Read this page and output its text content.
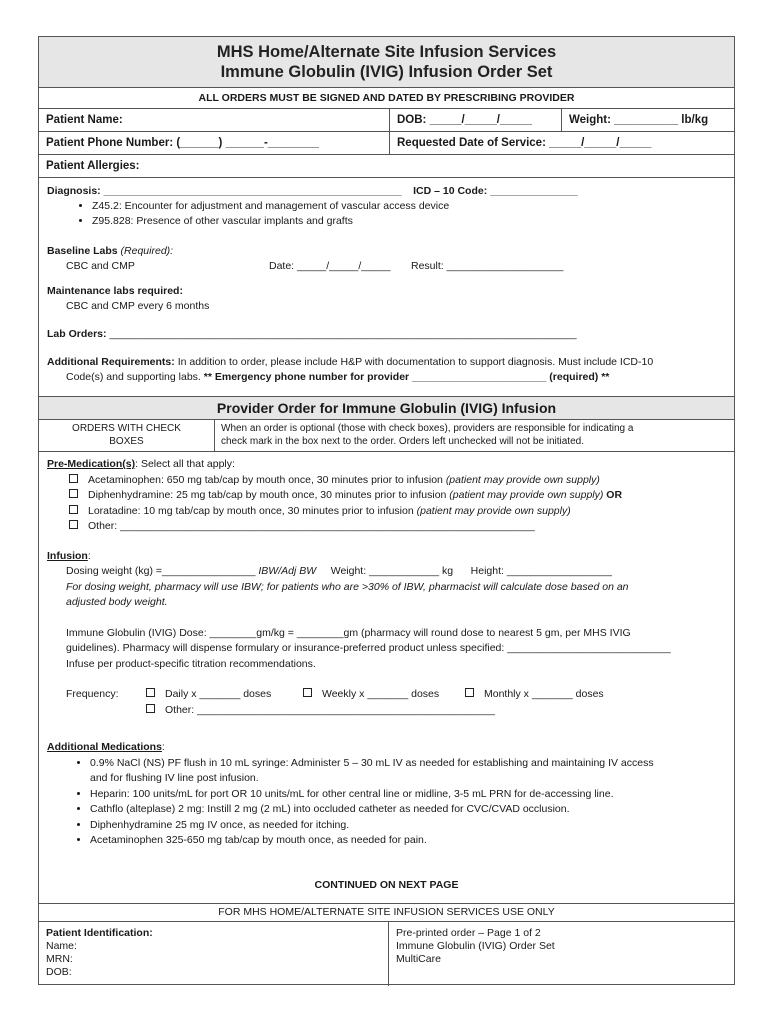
MHS Home/Alternate Site Infusion Services
Immune Globulin (IVIG) Infusion Order Set
ALL ORDERS MUST BE SIGNED AND DATED BY PRESCRIBING PROVIDER
Patient Name:	DOB: _____/_____/_____	Weight: __________ lb/kg
Patient Phone Number: (______) ______-________	Requested Date of Service: _____/_____/_____
Patient Allergies:

Diagnosis: ___________________________________________________ ICD – 10 Code: _______________

• Z45.2: Encounter for adjustment and management of vascular access device
• Z95.828: Presence of other vascular implants and grafts

Baseline Labs (Required):

CBC and CMP	Date: _____/_____/_____	Result: ____________________

Maintenance labs required:

CBC and CMP every 6 months

Lab Orders: ________________________________________________________________________________

Additional Requirements: In addition to order, please include H&P with documentation to support diagnosis. Must include ICD-10

Code(s) and supporting labs. ** Emergency phone number for provider _______________________ (required) **

Provider Order for Immune Globulin (IVIG) Infusion
ORDERS WITH CHECK
BOXES
When an order is optional (those with check boxes), providers are responsible for indicating a
check mark in the box next to the order. Orders left unchecked will not be initiated.

Pre-Medication(s): Select all that apply:

Acetaminophen: 650 mg tab/cap by mouth once, 30 minutes prior to infusion (patient may provide own supply)

Diphenhydramine: 25 mg tab/cap by mouth once, 30 minutes prior to infusion (patient may provide own supply) OR

Loratadine: 10 mg tab/cap by mouth once, 30 minutes prior to infusion (patient may provide own supply)

Other: _______________________________________________________________________

Infusion:

Dosing weight (kg) =________________ IBW/Adj BW Weight: ____________ kg Height: __________________

For dosing weight, pharmacy will use IBW; for patients who are >30% of IBW, pharmacist will calculate dose based on an

adjusted body weight.

Immune Globulin (IVIG) Dose: ________gm/kg = ________gm (pharmacy will round dose to nearest 5 gm, per MHS IVIG

guidelines). Pharmacy will dispense formulary or insurance-preferred product unless specified: ____________________________

Infuse per product-specific titration recommendations.

Frequency:	Daily x _______ doses	Weekly x _______ doses	Monthly x _______ doses
Other: ___________________________________________________

Additional Medications:

• 0.9% NaCl (NS) PF flush in 10 mL syringe: Administer 5 – 30 mL IV as needed for establishing and maintaining IV access
and for flushing IV line post infusion.
• Heparin: 100 units/mL for port OR 10 units/mL for other central line or midline, 3-5 mL PRN for de-accessing line.
• Cathflo (alteplase) 2 mg: Instill 2 mg (2 mL) into occluded catheter as needed for CVC/CVAD occlusion.
• Diphenhydramine 25 mg IV once, as needed for itching.
• Acetaminophen 325-650 mg tab/cap by mouth once, as needed for pain.
CONTINUED ON NEXT PAGE
FOR MHS HOME/ALTERNATE SITE INFUSION SERVICES USE ONLY
Patient Identification:
Name:
MRN:
DOB:
Pre-printed order – Page 1 of 2
Immune Globulin (IVIG) Order Set
MultiCare
